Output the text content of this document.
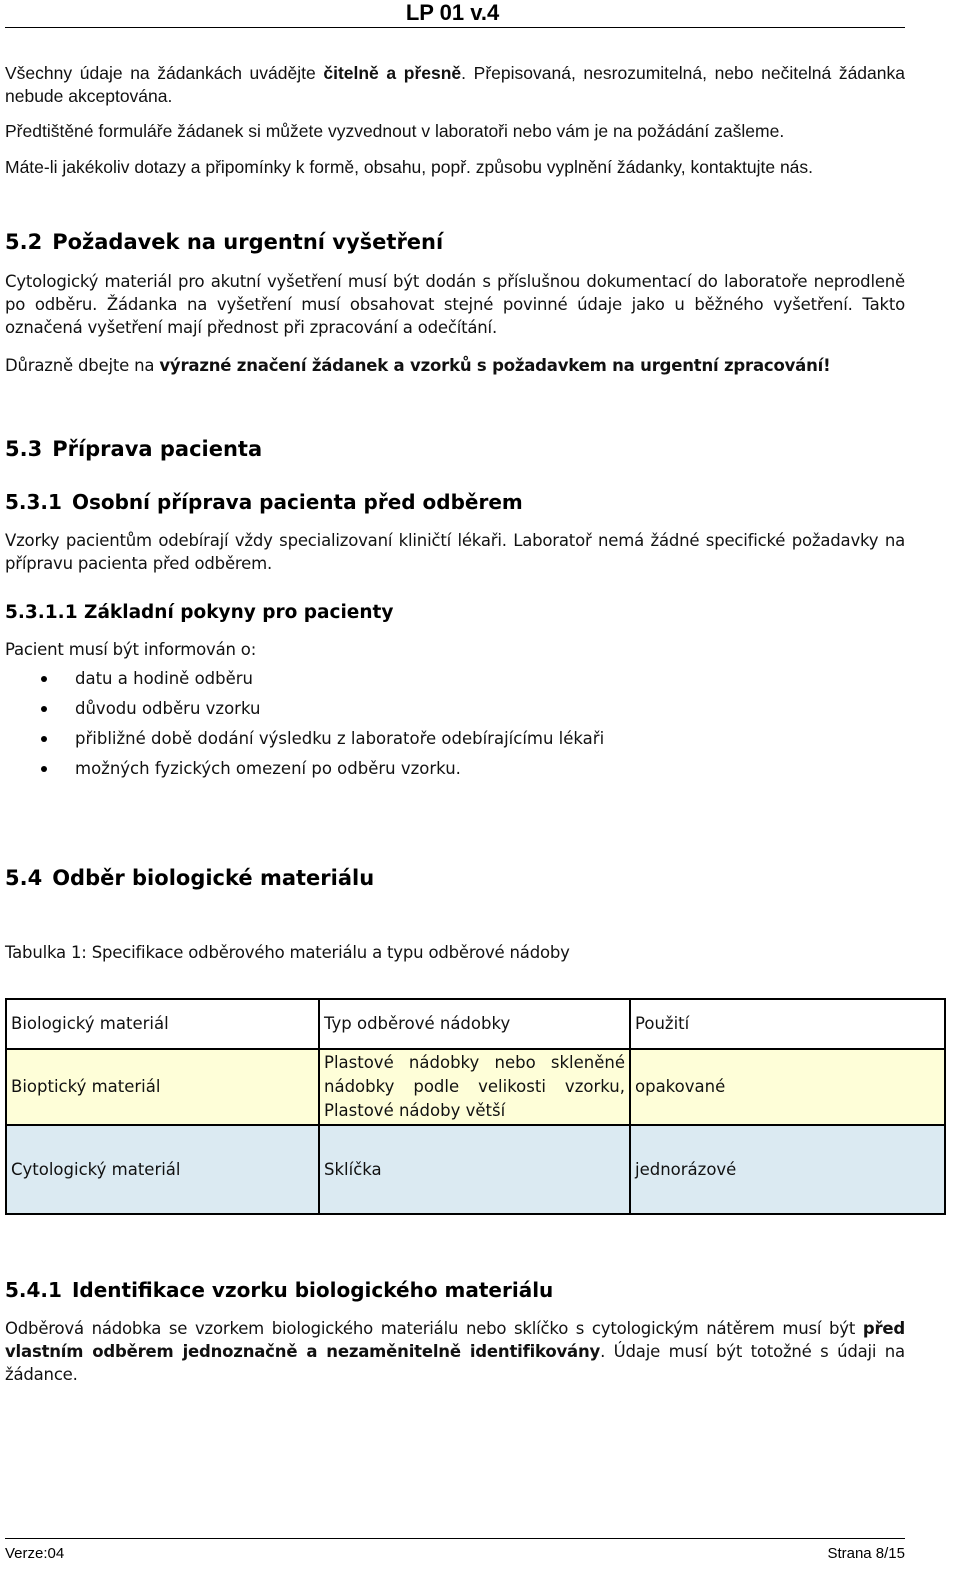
LP 01 v.4
Všechny údaje na žádankách uvádějte čitelně a přesně. Přepisovaná, nesrozumitelná, nebo nečitelná žádanka nebude akceptována.
Předtištěné formuláře žádanek si můžete vyzvednout v laboratoři nebo vám je na požádání zašleme.
Máte-li jakékoliv dotazy a připomínky k formě, obsahu, popř. způsobu vyplnění žádanky, kontaktujte nás.
5.2 Požadavek na urgentní vyšetření
Cytologický materiál pro akutní vyšetření musí být dodán s příslušnou dokumentací do laboratoře neprodleně po odběru. Žádanka na vyšetření musí obsahovat stejné povinné údaje jako u běžného vyšetření. Takto označená vyšetření mají přednost při zpracování a odečítání.
Důrazně dbejte na výrazné značení žádanek a vzorků s požadavkem na urgentní zpracování!
5.3 Příprava pacienta
5.3.1 Osobní příprava pacienta před odběrem
Vzorky pacientům odebírají vždy specializovaní kliničtí lékaři. Laboratoř nemá žádné specifické požadavky na přípravu pacienta před odběrem.
5.3.1.1 Základní pokyny pro pacienty
Pacient musí být informován o:
datu a hodině odběru
důvodu odběru vzorku
přibližné době dodání výsledku z laboratoře odebírajícímu lékaři
možných fyzických omezení po odběru vzorku.
5.4 Odběr biologické materiálu
Tabulka 1: Specifikace odběrového materiálu a typu odběrové nádoby
Biologický materiál	Typ odběrové nádobky	Použití
Bioptický materiál	Plastové nádobky nebo skleněné nádobky podle velikosti vzorku, Plastové nádoby větší	opakované
Cytologický materiál	Sklíčka	jednorázové
5.4.1 Identifikace vzorku biologického materiálu
Odběrová nádobka se vzorkem biologického materiálu nebo sklíčko s cytologickým nátěrem musí být před vlastním odběrem jednoznačně a nezaměnitelně identifikovány. Údaje musí být totožné s údaji na žádance.
Verze:04	Strana 8/15
